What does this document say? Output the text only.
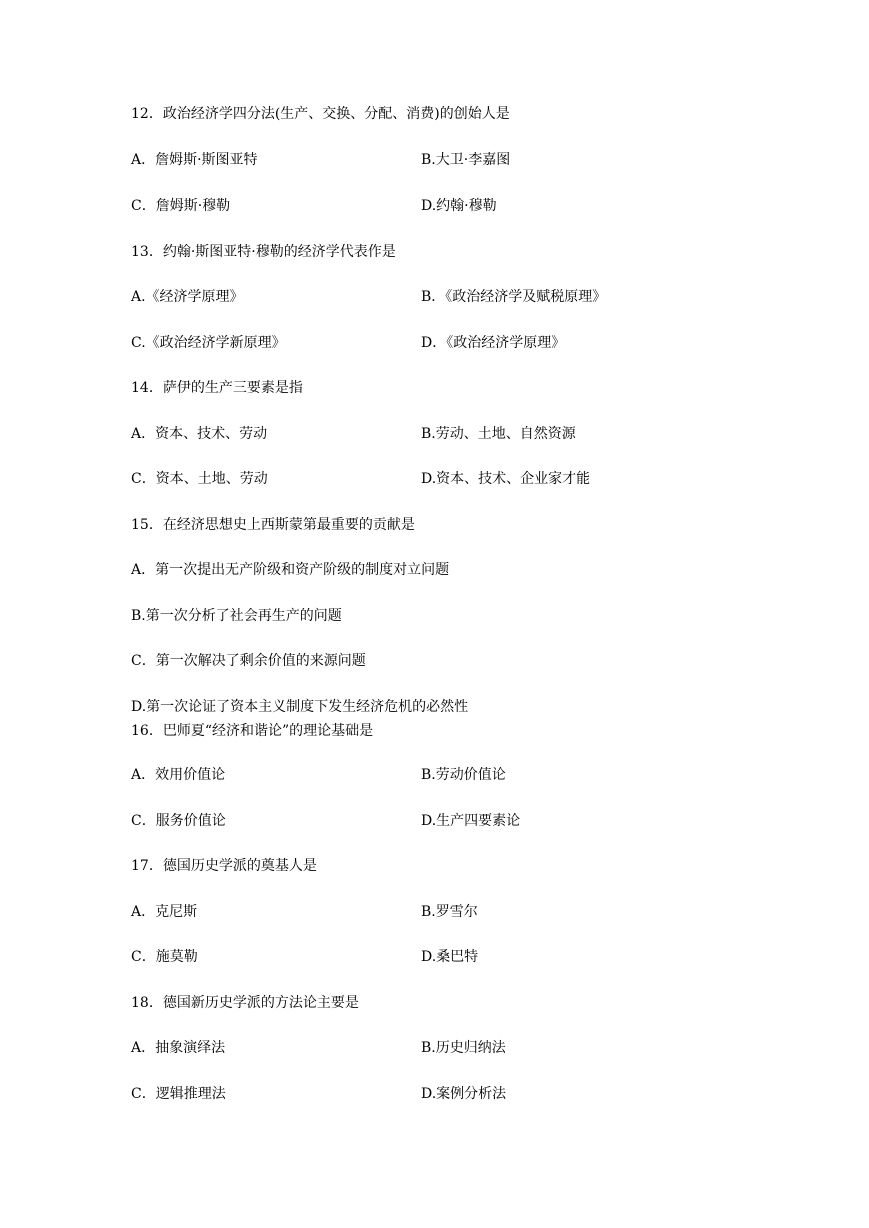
12．政治经济学四分法(生产、交换、分配、消费)的创始人是
A．詹姆斯·斯图亚特	B.大卫·李嘉图
C．詹姆斯·穆勒	D.约翰·穆勒
13．约翰·斯图亚特·穆勒的经济学代表作是
A.《经济学原理》	B．《政治经济学及赋税原理》
C.《政治经济学新原理》	D．《政治经济学原理》
14．萨伊的生产三要素是指
A．资本、技术、劳动	B.劳动、土地、自然资源
C．资本、土地、劳动	D.资本、技术、企业家才能
15．在经济思想史上西斯蒙第最重要的贡献是
A．第一次提出无产阶级和资产阶级的制度对立问题
B.第一次分析了社会再生产的问题
C．第一次解决了剩余价值的来源问题
D.第一次论证了资本主义制度下发生经济危机的必然性
16．巴师夏“经济和谐论”的理论基础是
A．效用价值论	B.劳动价值论
C．服务价值论	D.生产四要素论
17．德国历史学派的奠基人是
A．克尼斯	B.罗雪尔
C．施莫勒	D.桑巴特
18．德国新历史学派的方法论主要是
A．抽象演绎法	B.历史归纳法
C．逻辑推理法	D.案例分析法
